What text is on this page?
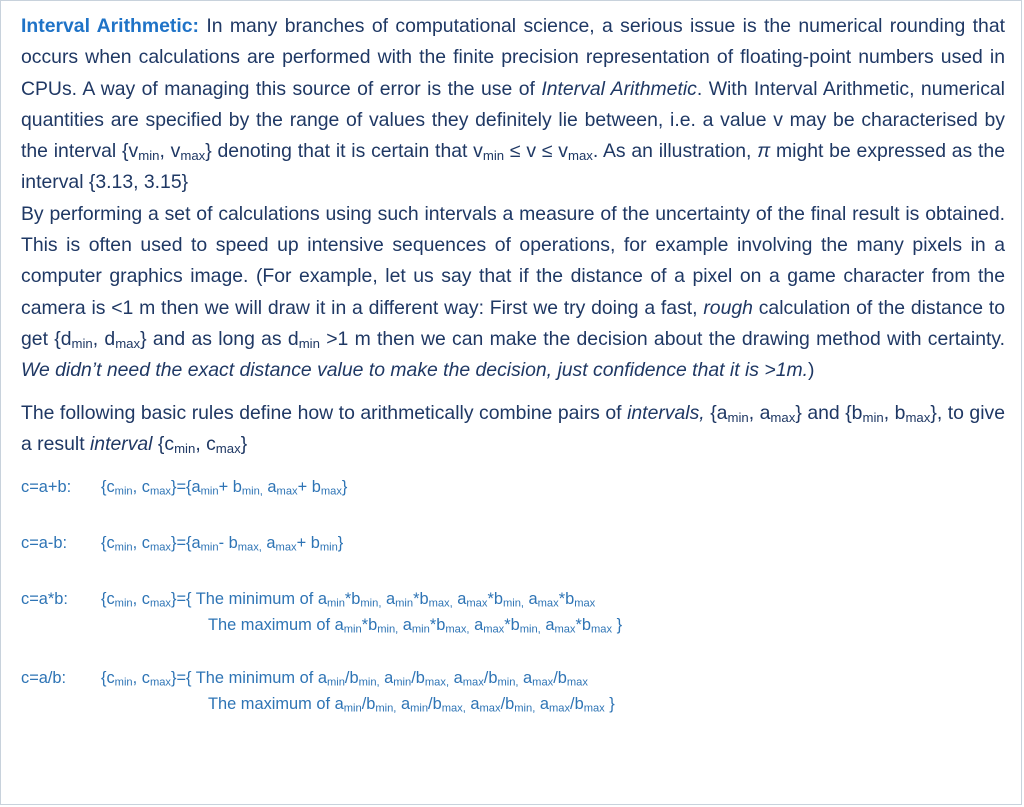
Interval Arithmetic: In many branches of computational science, a serious issue is the numerical rounding that occurs when calculations are performed with the finite precision representation of floating-point numbers used in CPUs. A way of managing this source of error is the use of Interval Arithmetic. With Interval Arithmetic, numerical quantities are specified by the range of values they definitely lie between, i.e. a value v may be characterised by the interval {$v_{min}$, $v_{max}$} denoting that it is certain that $v_{min} \le v \le v_{max}$. As an illustration, π might be expressed as the interval {3.13, 3.15}

By performing a set of calculations using such intervals a measure of the uncertainty of the final result is obtained. This is often used to speed up intensive sequences of operations, for example involving the many pixels in a computer graphics image. (For example, let us say that if the distance of a pixel on a game character from the camera is <1 m then we will draw it in a different way: First we try doing a fast, rough calculation of the distance to get {$d_{min}$, $d_{max}$} and as long as $d_{min} >1$ m then we can make the decision about the drawing method with certainty. We didn’t need the exact distance value to make the decision, just confidence that it is >1m.)

The following basic rules define how to arithmetically combine pairs of intervals, {$a_{min}$, $a_{max}$} and {$b_{min}$, $b_{max}$}, to give a result interval {$c_{min}$, $c_{max}$}

c=a+b: {$c_{min}$, $c_{max}\}=\{a_{min}+ b_{min,}$ $a_{max}+ b_{max}$}
c=a-b: {$c_{min}$, $c_{max}\}=\{a_{min}-$ $b_{max,}$ $a_{max}+ b_{min}$}
c=a*b: {$c_{min}$, $c_{max}\}=${ The minimum of $a_{min}*b_{min,}$ $a_{min}*b_{max,}$ $a_{max}*b_{min,}$ $a_{max}*b_{max}$
The maximum of $a_{min}*b_{min,}$ $a_{min}*b_{max,}$ $a_{max}*b_{min,}$ $a_{max}*b_{max}$ }
c=a/b: {$c_{min}$, $c_{max}\}=${ The minimum of $a_{min}/b_{min,}$ $a_{min}/b_{max,}$ $a_{max}/b_{min,}$ $a_{max}/b_{max}$
The maximum of $a_{min}/b_{min,}$ $a_{min}/b_{max,}$ $a_{max}/b_{min,}$ $a_{max}/b_{max}$ }
